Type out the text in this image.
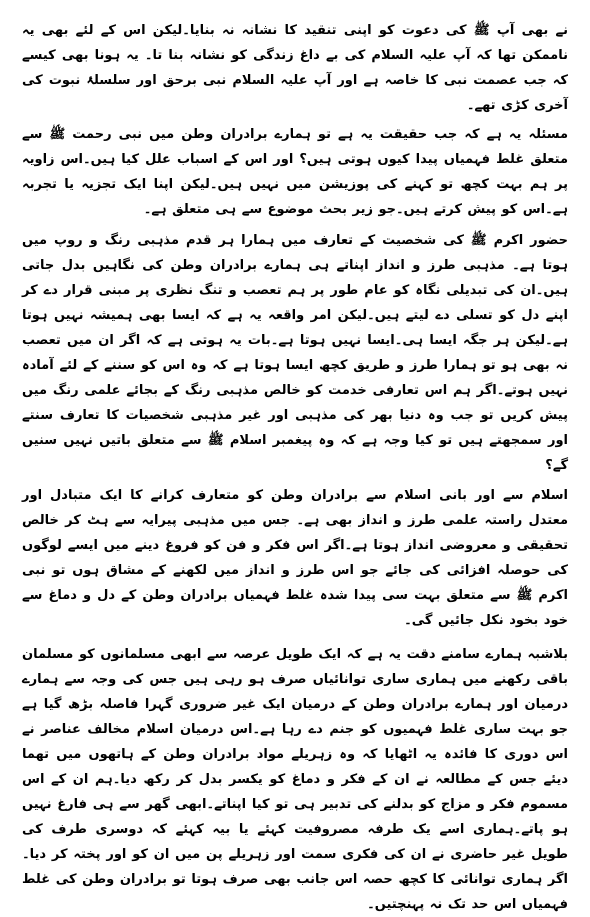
نے بھی آپ ﷺ کی دعوت کو اپنی تنقید کا نشانہ نہ بنایا۔لیکن اس کے لئے بھی یہ ناممکن تھا کہ آپ علیہ السلام کی بے داغ زندگی کو نشانہ بنا تا۔ یہ ہونا بھی کیسے کہ جب عصمت نبی کا خاصہ ہے اور آپ علیہ السلام نبی برحق اور سلسلۂ نبوت کی آخری کڑی تھے۔

مسئلہ یہ ہے کہ جب حقیقت یہ ہے تو ہمارے برادران وطن میں نبی رحمت ﷺ سے متعلق غلط فہمیاں پیدا کیوں ہوتی ہیں؟ اور اس کے اسباب علل کیا ہیں۔اس زاویہ پر ہم بہت کچھ تو کہنے کی پوزیشن میں نہیں ہیں۔لیکن اپنا ایک تجزیہ یا تجربہ ہے۔اس کو پیش کرتے ہیں۔جو زیر بحث موضوع سے ہی متعلق ہے۔

حضور اکرم ﷺ کی شخصیت کے تعارف میں ہمارا ہر قدم مذہبی رنگ و روپ میں ہوتا ہے۔ مذہبی طرز و انداز اپناتے ہی ہمارے برادران وطن کی نگاہیں بدل جاتی ہیں۔ان کی تبدیلی نگاہ کو عام طور پر ہم تعصب و تنگ نظری پر مبنی قرار دے کر اپنے دل کو تسلی دے لیتے ہیں۔لیکن امر واقعہ یہ ہے کہ ایسا بھی ہمیشہ نہیں ہوتا ہے۔لیکن ہر جگہ ایسا ہی۔ایسا نہیں ہوتا ہے۔بات یہ ہوتی ہے کہ اگر ان میں تعصب نہ بھی ہو تو ہمارا طرز و طریق کچھ ایسا ہوتا ہے کہ وہ اس کو سننے کے لئے آمادہ نہیں ہوتے۔اگر ہم اس تعارفی خدمت کو خالص مذہبی رنگ کے بجائے علمی رنگ میں پیش کریں تو جب وہ دنیا بھر کی مذہبی اور غیر مذہبی شخصیات کا تعارف سنتے اور سمجھتے ہیں تو کیا وجہ ہے کہ وہ پیغمبر اسلام ﷺ سے متعلق باتیں نہیں سنیں گے؟

اسلام سے اور بانی اسلام سے برادران وطن کو متعارف کرانے کا ایک متبادل اور معتدل راستہ علمی طرز و انداز بھی ہے۔ جس میں مذہبی پیرایہ سے ہٹ کر خالص تحقیقی و معروضی انداز ہوتا ہے۔اگر اس فکر و فن کو فروغ دینے میں ایسے لوگوں کی حوصلہ افزائی کی جائے جو اس طرز و انداز میں لکھنے کے مشاق ہوں تو نبی اکرم ﷺ سے متعلق بہت سی پیدا شدہ غلط فہمیاں برادران وطن کے دل و دماغ سے خود بخود نکل جائیں گی۔

بلاشبہ ہمارے سامنے دقت یہ ہے کہ ایک طویل عرصہ سے ابھی مسلمانوں کو مسلمان باقی رکھنے میں ہماری ساری توانائیاں صرف ہو رہی ہیں جس کی وجہ سے ہمارے درمیان اور ہمارے برادران وطن کے درمیان ایک غیر ضروری گہرا فاصلہ بڑھ گیا ہے جو بہت ساری غلط فہمیوں کو جنم دے رہا ہے۔اس درمیان اسلام مخالف عناصر نے اس دوری کا فائدہ یہ اٹھایا کہ وہ زہریلے مواد برادران وطن کے ہاتھوں میں تھما دیئے جس کے مطالعہ نے ان کے فکر و دماغ کو یکسر بدل کر رکھ دیا۔ہم ان کے اس مسموم فکر و مزاج کو بدلنے کی تدبیر ہی تو کیا اپناتے۔ابھی گھر سے ہی فارغ نہیں ہو پاتے۔ہماری اسے یک طرفہ مصروفیت کہئے یا بیہ کہئے کہ دوسری طرف کی طویل غیر حاضری نے ان کی فکری سمت اور زہریلے پن میں ان کو اور پختہ کر دیا۔اگر ہماری توانائی کا کچھ حصہ اس جانب بھی صرف ہوتا تو برادران وطن کی غلط فہمیاں اس حد تک نہ پہنچتیں۔
